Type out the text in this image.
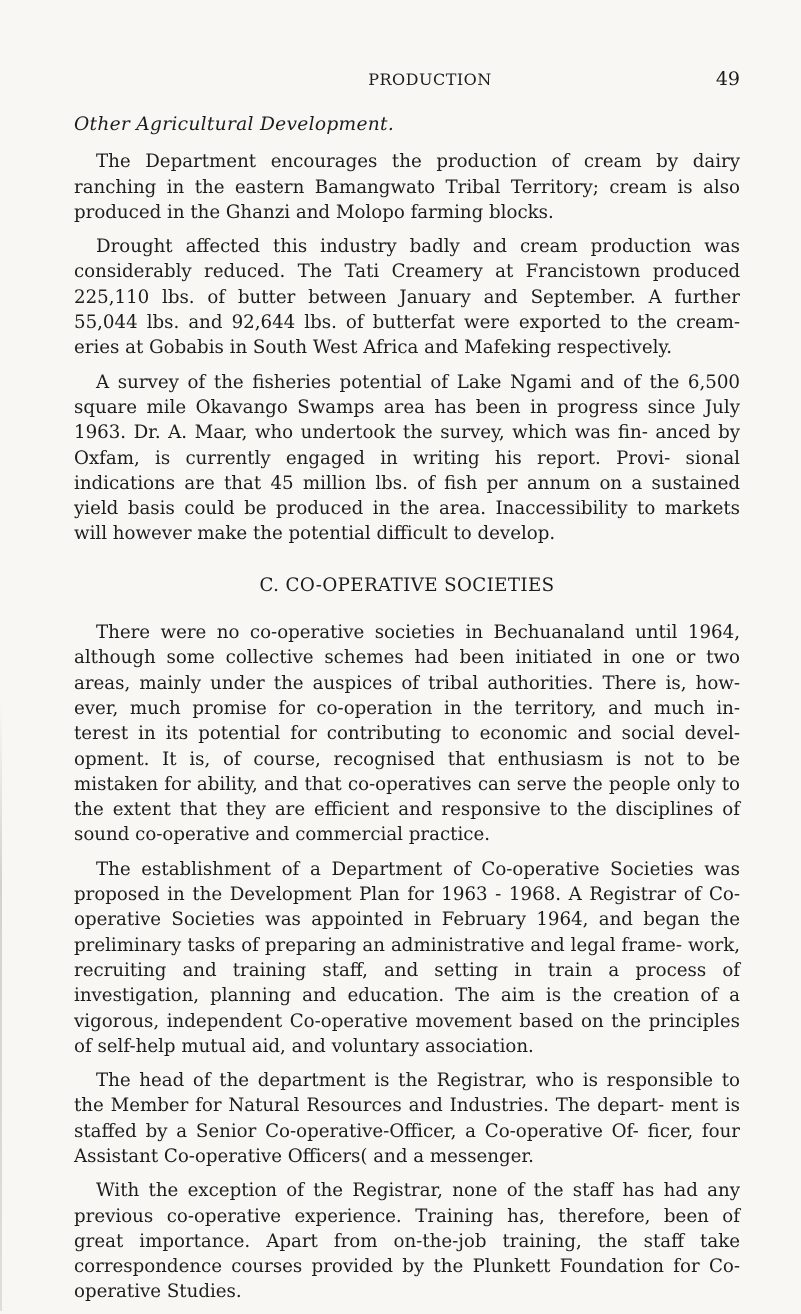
PRODUCTION	49
Other Agricultural Development.

The Department encourages the production of cream by dairy ranching in the eastern Bamangwato Tribal Territory; cream is also produced in the Ghanzi and Molopo farming blocks.

Drought affected this industry badly and cream production was considerably reduced. The Tati Creamery at Francistown produced 225,110 lbs. of butter between January and September. A further 55,044 lbs. and 92,644 lbs. of butterfat were exported to the cream- eries at Gobabis in South West Africa and Mafeking respectively.

A survey of the fisheries potential of Lake Ngami and of the 6,500 square mile Okavango Swamps area has been in progress since July 1963. Dr. A. Maar, who undertook the survey, which was fin- anced by Oxfam, is currently engaged in writing his report. Provi- sional indications are that 45 million lbs. of fish per annum on a sustained yield basis could be produced in the area. Inaccessibility to markets will however make the potential difficult to develop.

C. CO-OPERATIVE SOCIETIES

There were no co-operative societies in Bechuanaland until 1964, although some collective schemes had been initiated in one or two areas, mainly under the auspices of tribal authorities. There is, how- ever, much promise for co-operation in the territory, and much in- terest in its potential for contributing to economic and social devel- opment. It is, of course, recognised that enthusiasm is not to be mistaken for ability, and that co-operatives can serve the people only to the extent that they are efficient and responsive to the disciplines of sound co-operative and commercial practice.

The establishment of a Department of Co-operative Societies was proposed in the Development Plan for 1963 - 1968. A Registrar of Co-operative Societies was appointed in February 1964, and began the preliminary tasks of preparing an administrative and legal frame- work, recruiting and training staff, and setting in train a process of investigation, planning and education. The aim is the creation of a vigorous, independent Co-operative movement based on the principles of self-help mutual aid, and voluntary association.

The head of the department is the Registrar, who is responsible to the Member for Natural Resources and Industries. The depart- ment is staffed by a Senior Co-operative-Officer, a Co-operative Of- ficer, four Assistant Co-operative Officers( and a messenger.

With the exception of the Registrar, none of the staff has had any previous co-operative experience. Training has, therefore, been of great importance. Apart from on-the-job training, the staff take correspondence courses provided by the Plunkett Foundation for Co-operative Studies.
